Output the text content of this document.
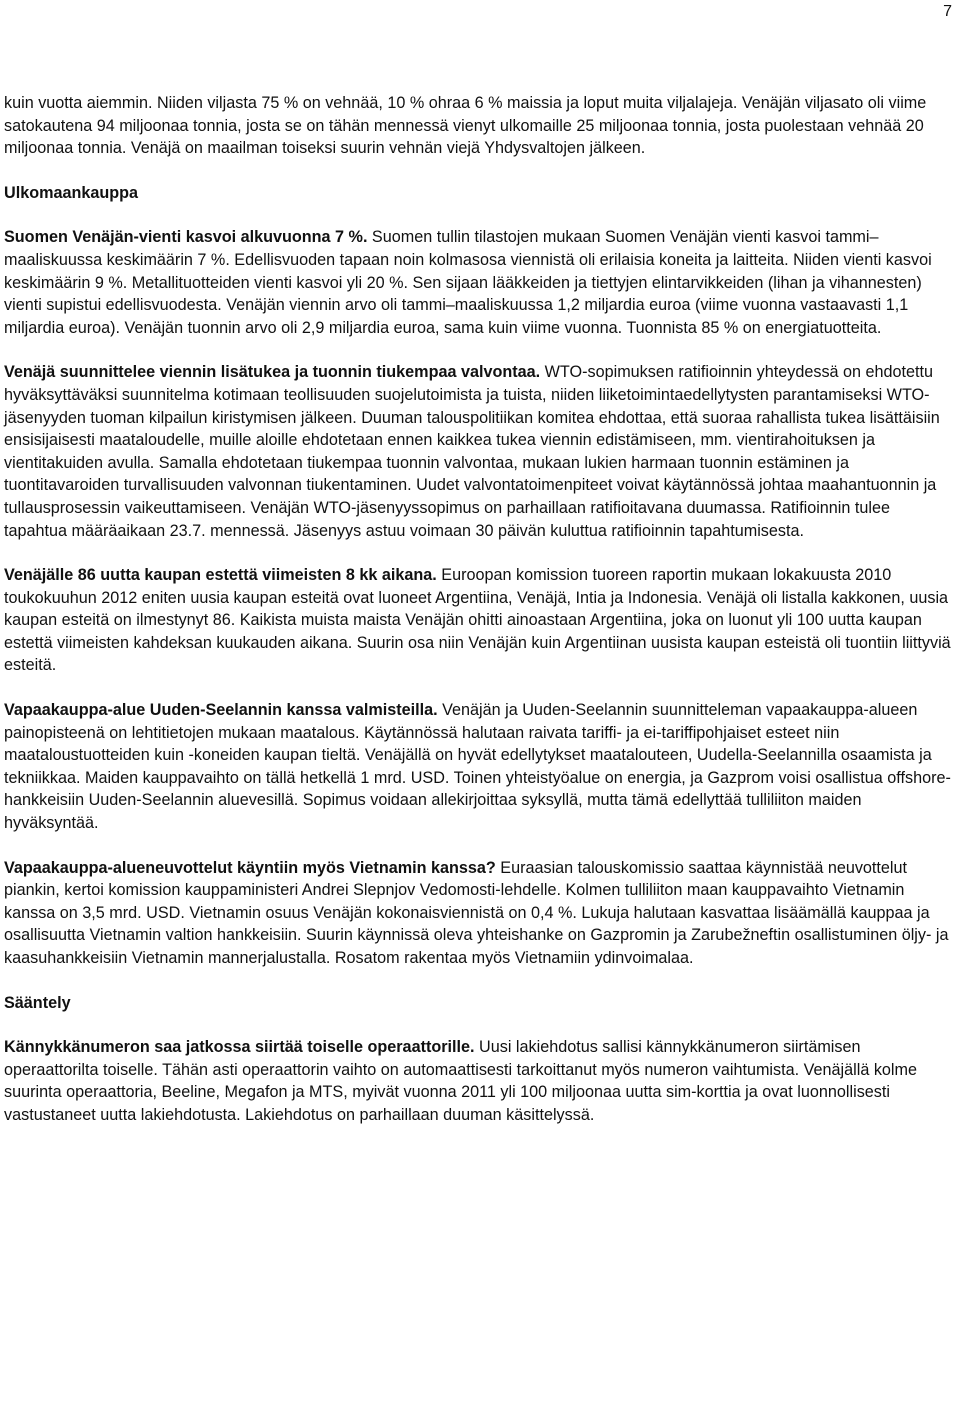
7

kuin vuotta aiemmin. Niiden viljasta 75 % on vehnää, 10 % ohraa 6 % maissia ja loput muita viljalajeja. Venäjän viljasato oli viime satokautena 94 miljoonaa tonnia, josta se on tähän mennessä vienyt ulkomaille 25 miljoonaa tonnia, josta puolestaan vehnää 20 miljoonaa tonnia. Venäjä on maailman toiseksi suurin vehnän viejä Yhdysvaltojen jälkeen.

Ulkomaankauppa

Suomen Venäjän-vienti kasvoi alkuvuonna 7 %. Suomen tullin tilastojen mukaan Suomen Venäjän vienti kasvoi tammi–maaliskuussa keskimäärin 7 %. Edellisvuoden tapaan noin kolmasosa viennistä oli erilaisia koneita ja laitteita. Niiden vienti kasvoi keskimäärin 9 %. Metallituotteiden vienti kasvoi yli 20 %. Sen sijaan lääkkeiden ja tiettyjen elintarvikkeiden (lihan ja vihannesten) vienti supistui edellisvuodesta. Venäjän viennin arvo oli tammi–maaliskuussa 1,2 miljardia euroa (viime vuonna vastaavasti 1,1 miljardia euroa). Venäjän tuonnin arvo oli 2,9 miljardia euroa, sama kuin viime vuonna. Tuonnista 85 % on energiatuotteita.

Venäjä suunnittelee viennin lisätukea ja tuonnin tiukempaa valvontaa. WTO-sopimuksen ratifioinnin yhteydessä on ehdotettu hyväksyttäväksi suunnitelma kotimaan teollisuuden suojelutoimista ja tuista, niiden liiketoimintaedellytysten parantamiseksi WTO-jäsenyyden tuoman kilpailun kiristymisen jälkeen. Duuman talouspolitiikan komitea ehdottaa, että suoraa rahallista tukea lisättäisiin ensisijaisesti maataloudelle, muille aloille ehdotetaan ennen kaikkea tukea viennin edistämiseen, mm. vientirahoituksen ja vientitakuiden avulla. Samalla ehdotetaan tiukempaa tuonnin valvontaa, mukaan lukien harmaan tuonnin estäminen ja tuontitavaroiden turvallisuuden valvonnan tiukentaminen. Uudet valvontatoimenpiteet voivat käytännössä johtaa maahantuonnin ja tullausprosessin vaikeuttamiseen. Venäjän WTO-jäsenyyssopimus on parhaillaan ratifioitavana duumassa. Ratifioinnin tulee tapahtua määräaikaan 23.7. mennessä. Jäsenyys astuu voimaan 30 päivän kuluttua ratifioinnin tapahtumisesta.

Venäjälle 86 uutta kaupan estettä viimeisten 8 kk aikana. Euroopan komission tuoreen raportin mukaan lokakuusta 2010 toukokuuhun 2012 eniten uusia kaupan esteitä ovat luoneet Argentiina, Venäjä, Intia ja Indonesia. Venäjä oli listalla kakkonen, uusia kaupan esteitä on ilmestynyt 86. Kaikista muista maista Venäjän ohitti ainoastaan Argentiina, joka on luonut yli 100 uutta kaupan estettä viimeisten kahdeksan kuukauden aikana. Suurin osa niin Venäjän kuin Argentiinan uusista kaupan esteistä oli tuontiin liittyviä esteitä.

Vapaakauppa-alue Uuden-Seelannin kanssa valmisteilla. Venäjän ja Uuden-Seelannin suunnitteleman vapaakauppa-alueen painopisteenä on lehtitietojen mukaan maatalous. Käytännössä halutaan raivata tariffi- ja ei-tariffipohjaiset esteet niin maataloustuotteiden kuin -koneiden kaupan tieltä. Venäjällä on hyvät edellytykset maatalouteen, Uudella-Seelannilla osaamista ja tekniikkaa. Maiden kauppavaihto on tällä hetkellä 1 mrd. USD. Toinen yhteistyöalue on energia, ja Gazprom voisi osallistua offshore-hankkeisiin Uuden-Seelannin aluevesillä. Sopimus voidaan allekirjoittaa syksyllä, mutta tämä edellyttää tulliliiton maiden hyväksyntää.

Vapaakauppa-alueneuvottelut käyntiin myös Vietnamin kanssa? Euraasian talouskomissio saattaa käynnistää neuvottelut piankin, kertoi komission kauppaministeri Andrei Slepnjov Vedomosti-lehdelle. Kolmen tulliliiton maan kauppavaihto Vietnamin kanssa on 3,5 mrd. USD. Vietnamin osuus Venäjän kokonaisviennistä on 0,4 %. Lukuja halutaan kasvattaa lisäämällä kauppaa ja osallisuutta Vietnamin valtion hankkeisiin. Suurin käynnissä oleva yhteishanke on Gazpromin ja Zarubežneftin osallistuminen öljy- ja kaasuhankkeisiin Vietnamin mannerjalustalla. Rosatom rakentaa myös Vietnamiin ydinvoimalaa.

Sääntely

Kännykkänumeron saa jatkossa siirtää toiselle operaattorille. Uusi lakiehdotus sallisi kännykkänumeron siirtämisen operaattorilta toiselle. Tähän asti operaattorin vaihto on automaattisesti tarkoittanut myös numeron vaihtumista. Venäjällä kolme suurinta operaattoria, Beeline, Megafon ja MTS, myivät vuonna 2011 yli 100 miljoonaa uutta sim-korttia ja ovat luonnollisesti vastustaneet uutta lakiehdotusta. Lakiehdotus on parhaillaan duuman käsittelyssä.
